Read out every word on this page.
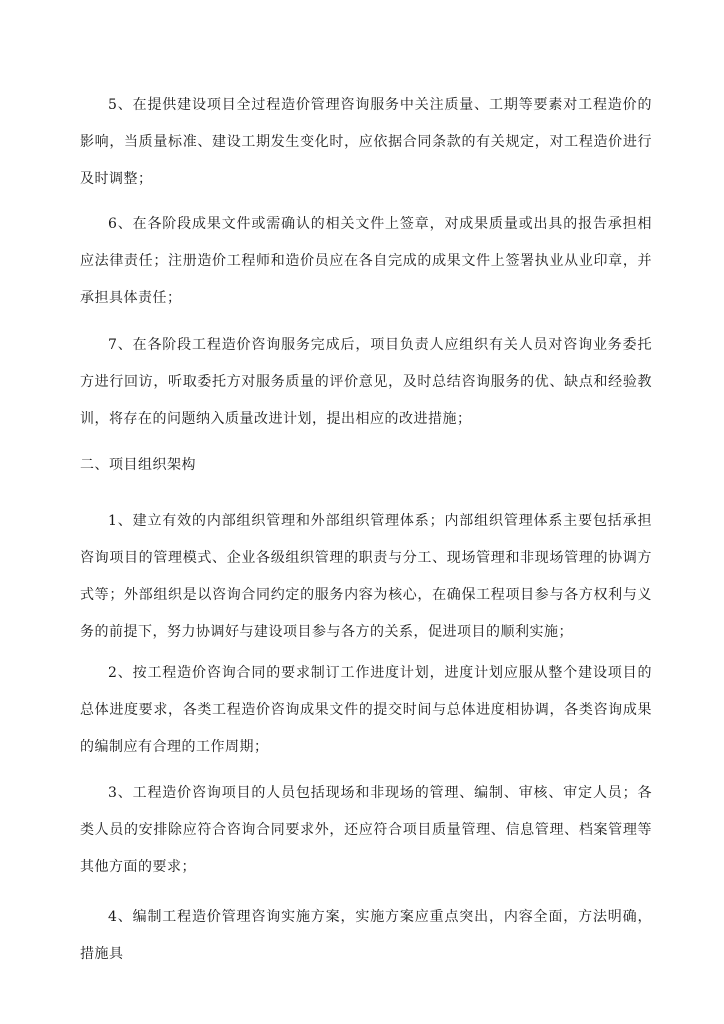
5、在提供建设项目全过程造价管理咨询服务中关注质量、工期等要素对工程造价的影响，当质量标准、建设工期发生变化时，应依据合同条款的有关规定，对工程造价进行及时调整；

6、在各阶段成果文件或需确认的相关文件上签章，对成果质量或出具的报告承担相应法律责任；注册造价工程师和造价员应在各自完成的成果文件上签署执业从业印章，并承担具体责任；

7、在各阶段工程造价咨询服务完成后，项目负责人应组织有关人员对咨询业务委托方进行回访，听取委托方对服务质量的评价意见，及时总结咨询服务的优、缺点和经验教训，将存在的问题纳入质量改进计划，提出相应的改进措施；

二、项目组织架构

1、建立有效的内部组织管理和外部组织管理体系；内部组织管理体系主要包括承担咨询项目的管理模式、企业各级组织管理的职责与分工、现场管理和非现场管理的协调方式等；外部组织是以咨询合同约定的服务内容为核心，在确保工程项目参与各方权利与义务的前提下，努力协调好与建设项目参与各方的关系，促进项目的顺利实施；

2、按工程造价咨询合同的要求制订工作进度计划，进度计划应服从整个建设项目的总体进度要求，各类工程造价咨询成果文件的提交时间与总体进度相协调，各类咨询成果的编制应有合理的工作周期；

3、工程造价咨询项目的人员包括现场和非现场的管理、编制、审核、审定人员；各类人员的安排除应符合咨询合同要求外，还应符合项目质量管理、信息管理、档案管理等其他方面的要求；

4、编制工程造价管理咨询实施方案，实施方案应重点突出，内容全面，方法明确，措施具
